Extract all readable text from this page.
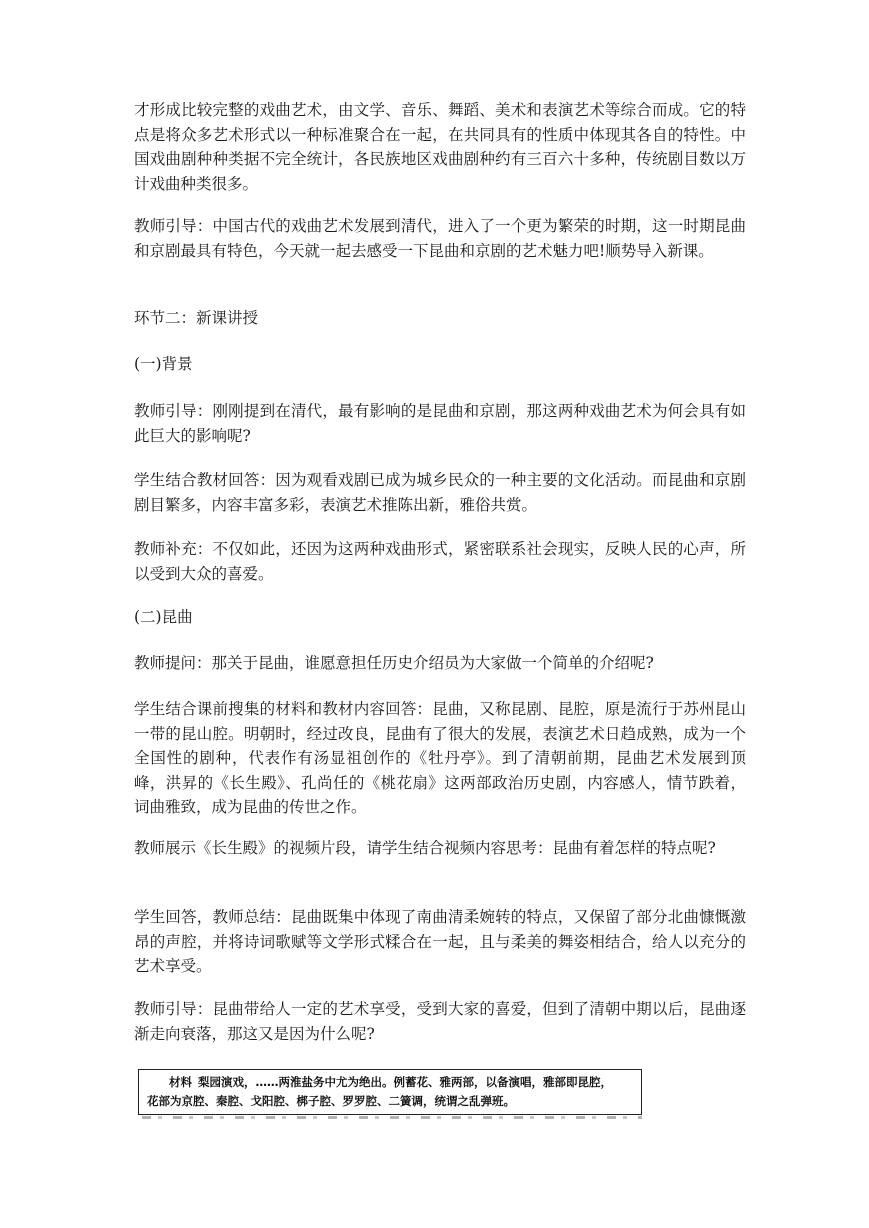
才形成比较完整的戏曲艺术，由文学、音乐、舞蹈、美术和表演艺术等综合而成。它的特点是将众多艺术形式以一种标准聚合在一起，在共同具有的性质中体现其各自的特性。中国戏曲剧种种类据不完全统计，各民族地区戏曲剧种约有三百六十多种，传统剧目数以万计戏曲种类很多。

教师引导：中国古代的戏曲艺术发展到清代，进入了一个更为繁荣的时期，这一时期昆曲和京剧最具有特色，今天就一起去感受一下昆曲和京剧的艺术魅力吧!顺势导入新课。

环节二：新课讲授

(一)背景

教师引导：刚刚提到在清代，最有影响的是昆曲和京剧，那这两种戏曲艺术为何会具有如此巨大的影响呢?

学生结合教材回答：因为观看戏剧已成为城乡民众的一种主要的文化活动。而昆曲和京剧剧目繁多，内容丰富多彩，表演艺术推陈出新，雅俗共赏。

教师补充：不仅如此，还因为这两种戏曲形式，紧密联系社会现实，反映人民的心声，所以受到大众的喜爱。

(二)昆曲

教师提问：那关于昆曲，谁愿意担任历史介绍员为大家做一个简单的介绍呢?

学生结合课前搜集的材料和教材内容回答：昆曲，又称昆剧、昆腔，原是流行于苏州昆山一带的昆山腔。明朝时，经过改良，昆曲有了很大的发展，表演艺术日趋成熟，成为一个全国性的剧种，代表作有汤显祖创作的《牡丹亭》。到了清朝前期，昆曲艺术发展到顶峰，洪昇的《长生殿》、孔尚任的《桃花扇》这两部政治历史剧，内容感人，情节跌着，词曲雅致，成为昆曲的传世之作。

教师展示《长生殿》的视频片段，请学生结合视频内容思考：昆曲有着怎样的特点呢?

学生回答，教师总结：昆曲既集中体现了南曲清柔婉转的特点，又保留了部分北曲慷慨激昂的声腔，并将诗词歌赋等文学形式糅合在一起，且与柔美的舞姿相结合，给人以充分的艺术享受。

教师引导：昆曲带给人一定的艺术享受，受到大家的喜爱，但到了清朝中期以后，昆曲逐渐走向衰落，那这又是因为什么呢?

材料 梨园演戏，……两淮盐务中尤为绝出。例蓄花、雅两部，以备演唱，雅部即昆腔，
花部为京腔、秦腔、戈阳腔、梆子腔、罗罗腔、二簧调，统谓之乱弹班。
